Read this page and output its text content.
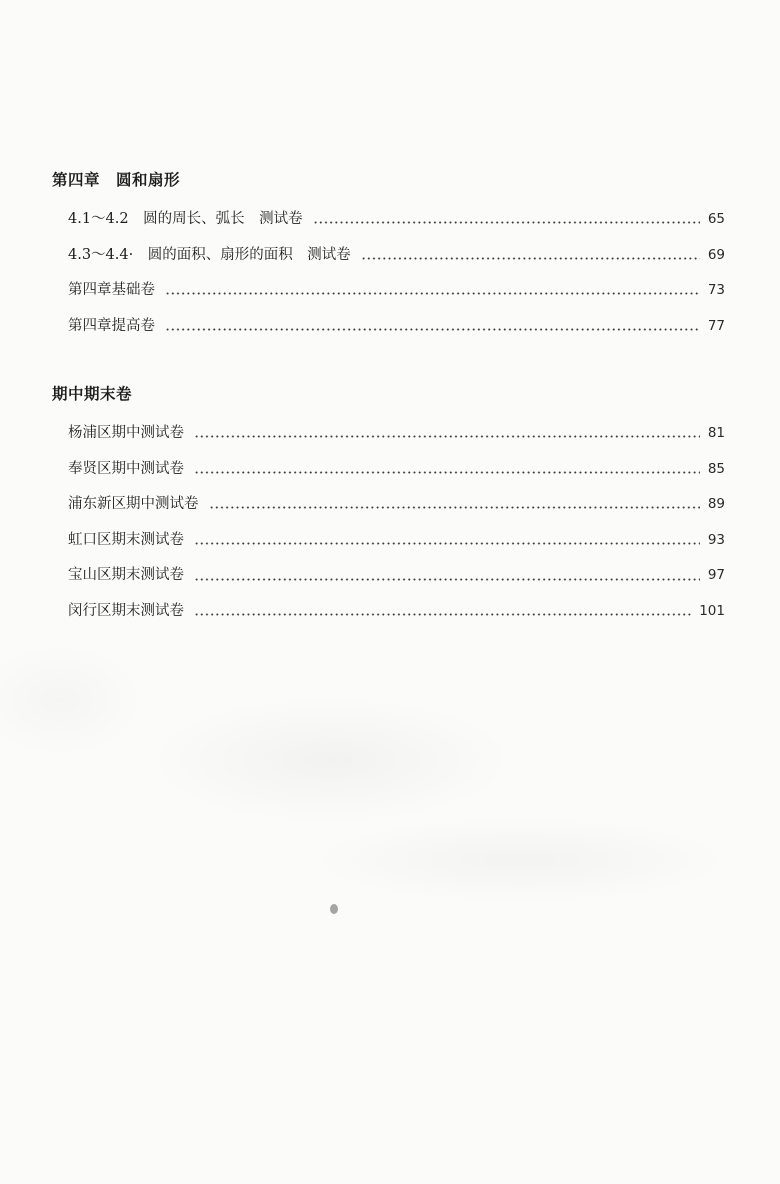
第四章　圆和扇形
4.1～4.2　圆的周长、弧长　测试卷	65
4.3～4.4·　圆的面积、扇形的面积　测试卷	69
第四章基础卷	73
第四章提高卷	77
期中期末卷
杨浦区期中测试卷	81
奉贤区期中测试卷	85
浦东新区期中测试卷	89
虹口区期末测试卷	93
宝山区期末测试卷	97
闵行区期末测试卷	101
